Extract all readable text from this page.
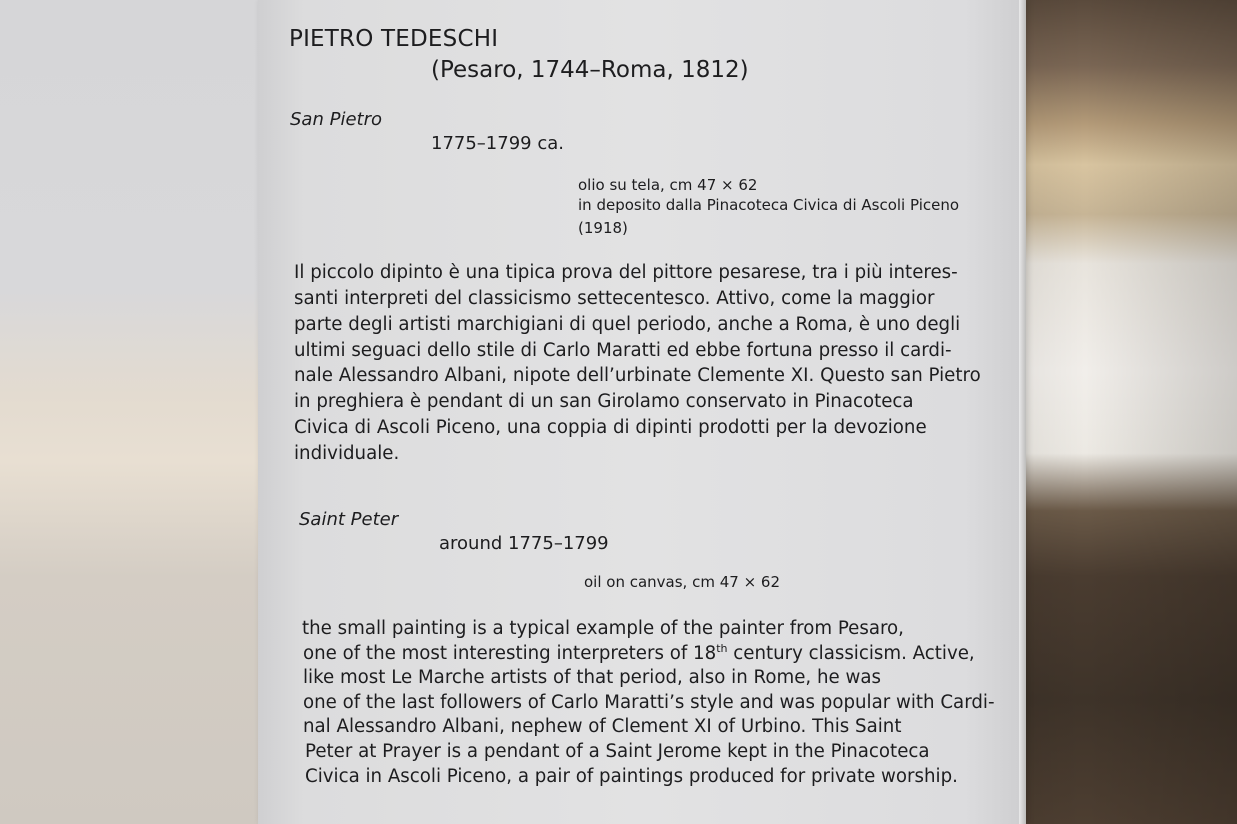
PIETRO TEDESCHI
(Pesaro, 1744–Roma, 1812)
San Pietro
1775–1799 ca.
olio su tela, cm 47 × 62
in deposito dalla Pinacoteca Civica di Ascoli Piceno
(1918)
Il piccolo dipinto è una tipica prova del pittore pesarese, tra i più interes-
santi interpreti del classicismo settecentesco. Attivo, come la maggior
parte degli artisti marchigiani di quel periodo, anche a Roma, è uno degli
ultimi seguaci dello stile di Carlo Maratti ed ebbe fortuna presso il cardi-
nale Alessandro Albani, nipote dell’urbinate Clemente XI. Questo san Pietro
in preghiera è pendant di un san Girolamo conservato in Pinacoteca
Civica di Ascoli Piceno, una coppia di dipinti prodotti per la devozione
individuale.
Saint Peter
around 1775–1799
oil on canvas, cm 47 × 62
the small painting is a typical example of the painter from Pesaro,
one of the most interesting interpreters of 18th century classicism. Active,
like most Le Marche artists of that period, also in Rome, he was
one of the last followers of Carlo Maratti’s style and was popular with Cardi-
nal Alessandro Albani, nephew of Clement XI of Urbino. This Saint
Peter at Prayer is a pendant of a Saint Jerome kept in the Pinacoteca
Civica in Ascoli Piceno, a pair of paintings produced for private worship.
